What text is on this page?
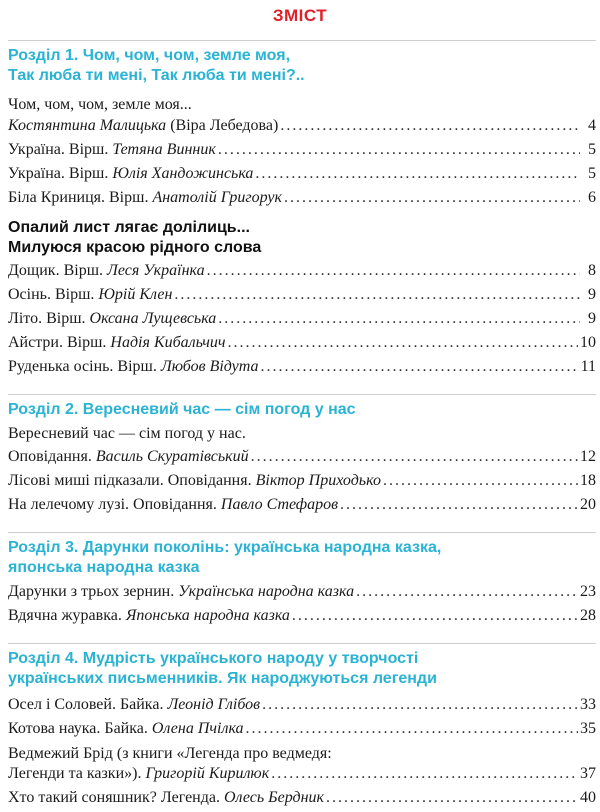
ЗМІСТ
Розділ 1. Чом, чом, чом, земле моя,
Так люба ти мені, Так люба ти мені?..
Чом, чом, чом, земле моя...
Костянтина Малицька (Віра Лебедова) . . .	4
Україна. Вірш. Тетяна Винник . . .	5
Україна. Вірш. Юлія Хандожинська . . .	5
Біла Криниця. Вірш. Анатолій Григорук . . .	6
Опалий лист лягає долілиць...
Милуюся красою рідного слова
Дощик. Вірш. Леся Українка . . .	8
Осінь. Вірш. Юрій Клен . . .	9
Літо. Вірш. Оксана Лущевська . . .	9
Айстри. Вірш. Надія Кибальчич . . .	10
Руденька осінь. Вірш. Любов Відута . . .	11
Розділ 2. Вересневий час — сім погод у нас
Вересневий час — сім погод у нас.
Оповідання. Василь Скуратівський . . .	12
Лісові миші підказали. Оповідання. Віктор Приходько . . .	18
На лелечому лузі. Оповідання. Павло Стефаров . . .	20
Розділ 3. Дарунки поколінь: українська народна казка,
японська народна казка
Дарунки з трьох зернин. Українська народна казка . . .	23
Вдячна журавка. Японська народна казка . . .	28
Розділ 4. Мудрість українського народу у творчості
українських письменників. Як народжуються легенди
Осел і Соловей. Байка. Леонід Глібов . . .	33
Котова наука. Байка. Олена Пчілка . . .	35
Ведмежий Брід (з книги «Легенда про ведмедя:
Легенди та казки»). Григорій Кирилюк . . .	37
Хто такий соняшник? Легенда. Олесь Бердник . . .	40
